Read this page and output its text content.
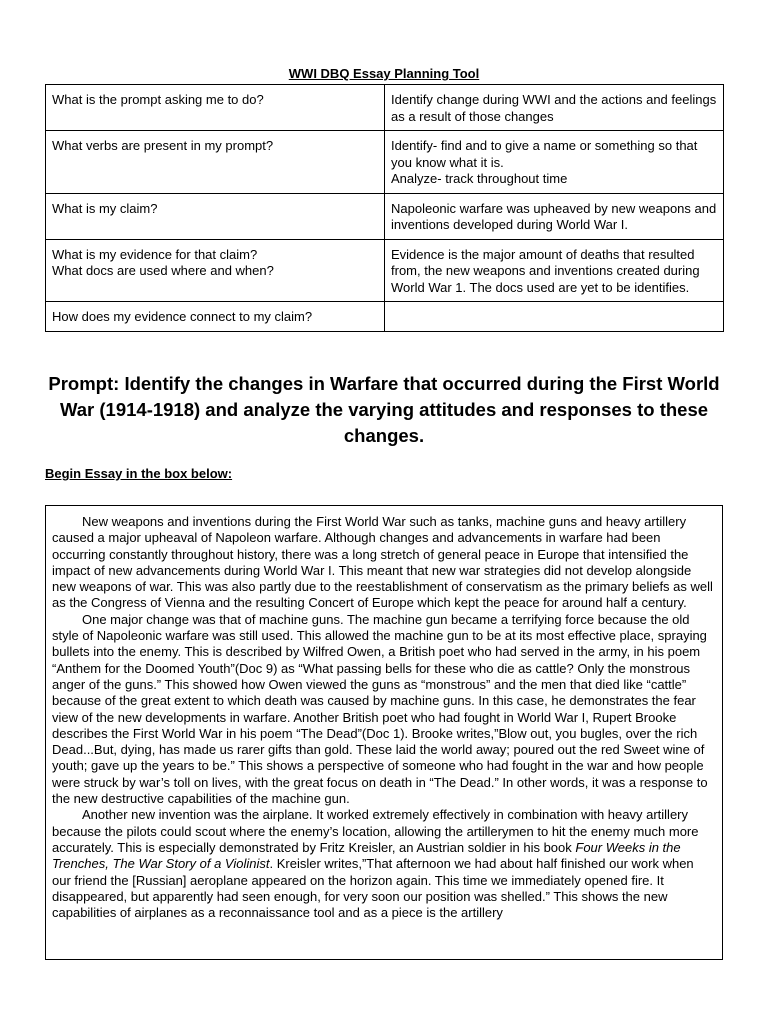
WWI DBQ Essay Planning Tool
What is the prompt asking me to do?	Identify change during WWI and the actions and feelings as a result of those changes
What verbs are present in my prompt?	Identify- find and to give a name or something so that you know what it is.
Analyze- track throughout time
What is my claim?	Napoleonic warfare was upheaved by new weapons and inventions developed during World War I.
What is my evidence for that claim?
What docs are used where and when?	Evidence is the major amount of deaths that resulted from, the new weapons and inventions created during World War 1. The docs used are yet to be identifies.
How does my evidence connect to my claim?	
Prompt: Identify the changes in Warfare that occurred during the First World War (1914-1918) and analyze the varying attitudes and responses to these changes.
Begin Essay in the box below:

New weapons and inventions during the First World War such as tanks, machine guns and heavy artillery caused a major upheaval of Napoleon warfare. Although changes and advancements in warfare had been occurring constantly throughout history, there was a long stretch of general peace in Europe that intensified the impact of new advancements during World War I. This meant that new war strategies did not develop alongside new weapons of war. This was also partly due to the reestablishment of conservatism as the primary beliefs as well as the Congress of Vienna and the resulting Concert of Europe which kept the peace for around half a century.

One major change was that of machine guns. The machine gun became a terrifying force because the old style of Napoleonic warfare was still used. This allowed the machine gun to be at its most effective place, spraying bullets into the enemy. This is described by Wilfred Owen, a British poet who had served in the army, in his poem “Anthem for the Doomed Youth”(Doc 9) as “What passing bells for these who die as cattle? Only the monstrous anger of the guns.” This showed how Owen viewed the guns as “monstrous” and the men that died like “cattle” because of the great extent to which death was caused by machine guns. In this case, he demonstrates the fear view of the new developments in warfare. Another British poet who had fought in World War I, Rupert Brooke describes the First World War in his poem “The Dead”(Doc 1). Brooke writes,”Blow out, you bugles, over the rich Dead...But, dying, has made us rarer gifts than gold. These laid the world away; poured out the red Sweet wine of youth; gave up the years to be.” This shows a perspective of someone who had fought in the war and how people were struck by war’s toll on lives, with the great focus on death in “The Dead.” In other words, it was a response to the new destructive capabilities of the machine gun.

Another new invention was the airplane. It worked extremely effectively in combination with heavy artillery because the pilots could scout where the enemy’s location, allowing the artillerymen to hit the enemy much more accurately. This is especially demonstrated by Fritz Kreisler, an Austrian soldier in his book Four Weeks in the Trenches, The War Story of a Violinist. Kreisler writes,”That afternoon we had about half finished our work when our friend the [Russian] aeroplane appeared on the horizon again. This time we immediately opened fire. It disappeared, but apparently had seen enough, for very soon our position was shelled.” This shows the new capabilities of airplanes as a reconnaissance tool and as a piece is the artillery
